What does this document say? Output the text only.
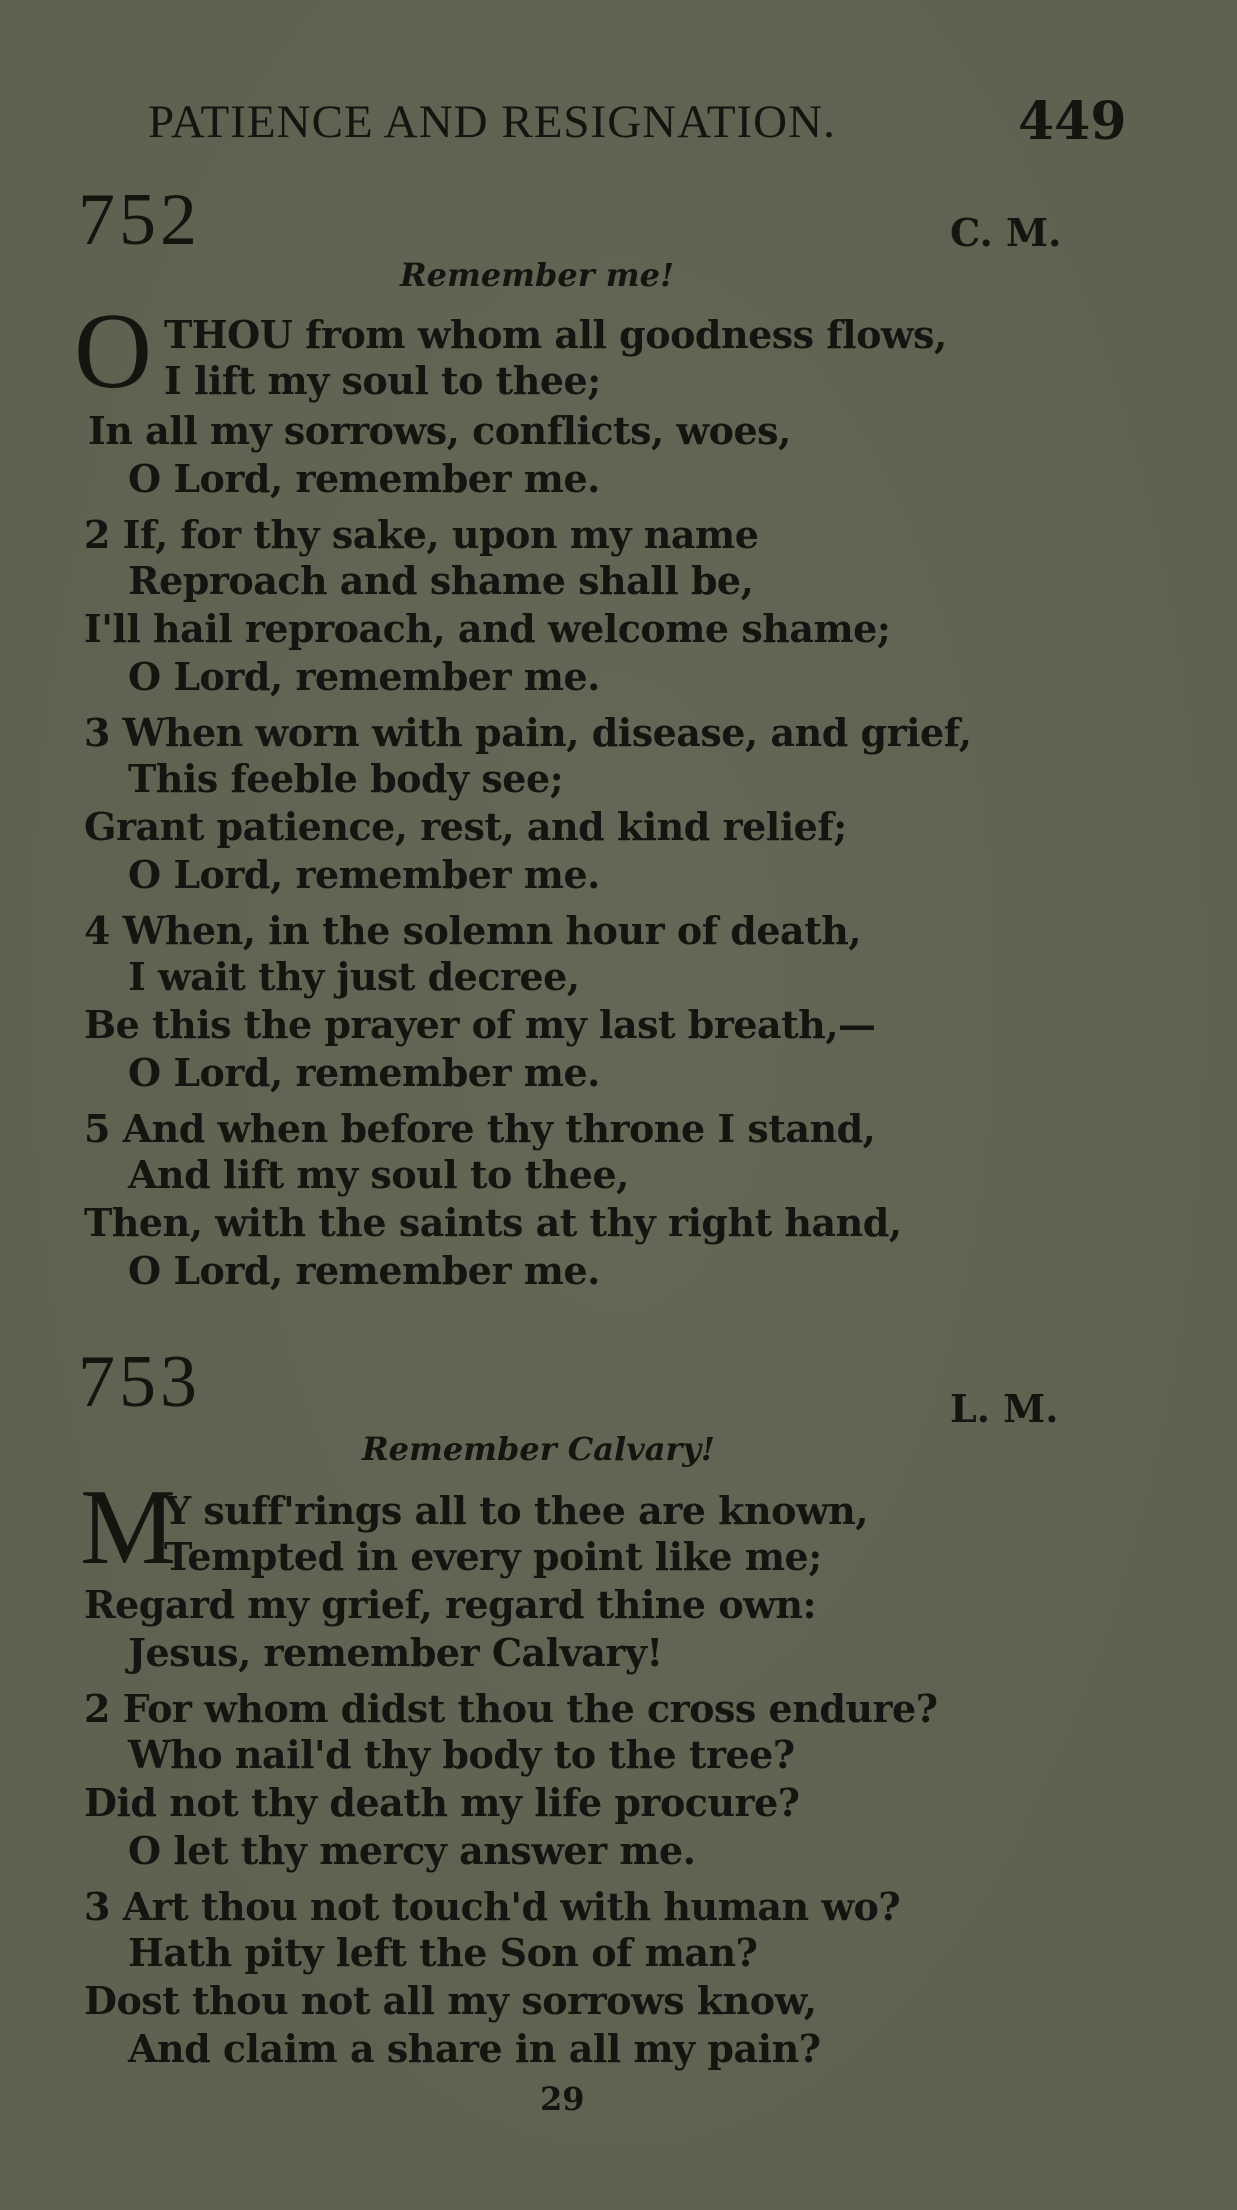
PATIENCE AND RESIGNATION.	449
752	C. M.
Remember me!
O THOU from whom all goodness flows,
I lift my soul to thee;
In all my sorrows, conflicts, woes,
O Lord, remember me.
2 If, for thy sake, upon my name
Reproach and shame shall be,
I'll hail reproach, and welcome shame;
O Lord, remember me.
3 When worn with pain, disease, and grief,
This feeble body see;
Grant patience, rest, and kind relief;
O Lord, remember me.
4 When, in the solemn hour of death,
I wait thy just decree,
Be this the prayer of my last breath,—
O Lord, remember me.
5 And when before thy throne I stand,
And lift my soul to thee,
Then, with the saints at thy right hand,
O Lord, remember me.
753	L. M.
Remember Calvary!
M
Y suff'rings all to thee are known,
Tempted in every point like me;
Regard my grief, regard thine own:
Jesus, remember Calvary!
2 For whom didst thou the cross endure?
Who nail'd thy body to the tree?
Did not thy death my life procure?
O let thy mercy answer me.
3 Art thou not touch'd with human wo?
Hath pity left the Son of man?
Dost thou not all my sorrows know,
And claim a share in all my pain?
29
